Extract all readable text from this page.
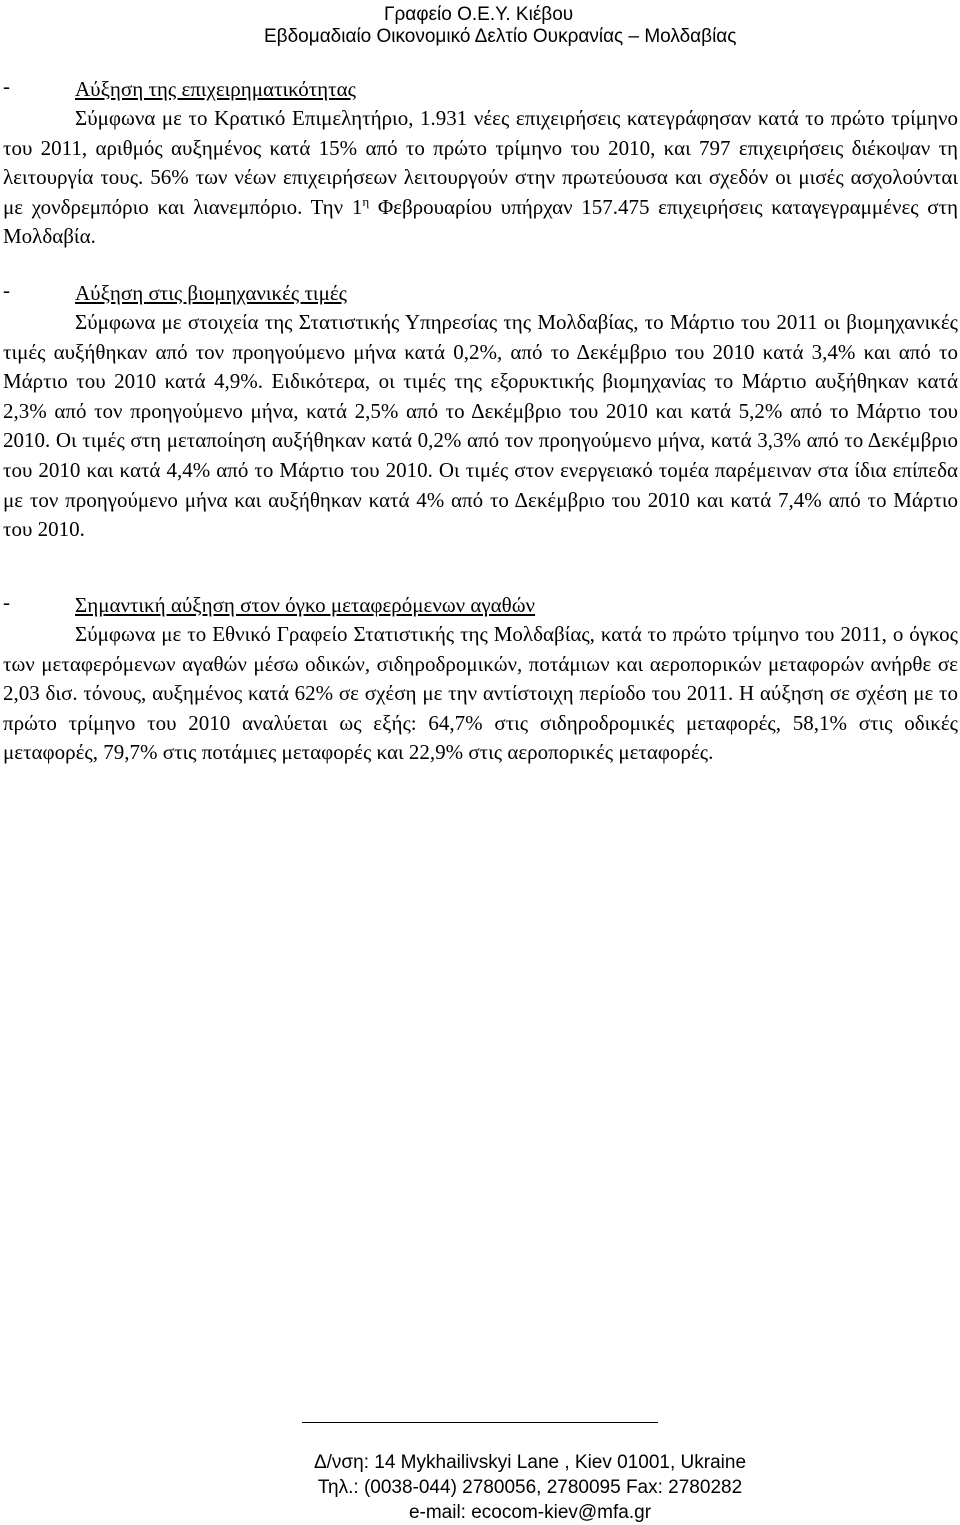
Γραφείο Ο.Ε.Υ. Κιέβου
Εβδομαδιαίο Οικονομικό Δελτίο Ουκρανίας – Μολδαβίας
-	Αύξηση της επιχειρηματικότητας

Σύμφωνα με το Κρατικό Επιμελητήριο, 1.931 νέες επιχειρήσεις κατεγράφησαν κατά το πρώτο τρίμηνο του 2011, αριθμός αυξημένος κατά 15% από το πρώτο τρίμηνο του 2010, και 797 επιχειρήσεις διέκοψαν τη λειτουργία τους. 56% των νέων επιχειρήσεων λειτουργούν στην πρωτεύουσα και σχεδόν οι μισές ασχολούνται με χονδρεμπόριο και λιανεμπόριο. Την $1^\eta$ Φεβρουαρίου υπήρχαν 157.475 επιχειρήσεις καταγεγραμμένες στη Μολδαβία.

-	Αύξηση στις βιομηχανικές τιμές

Σύμφωνα με στοιχεία της Στατιστικής Υπηρεσίας της Μολδαβίας, το Μάρτιο του 2011 οι βιομηχανικές τιμές αυξήθηκαν από τον προηγούμενο μήνα κατά 0,2%, από το Δεκέμβριο του 2010 κατά 3,4% και από το Μάρτιο του 2010 κατά 4,9%. Ειδικότερα, οι τιμές της εξορυκτικής βιομηχανίας το Μάρτιο αυξήθηκαν κατά 2,3% από τον προηγούμενο μήνα, κατά 2,5% από το Δεκέμβριο του 2010 και κατά 5,2% από το Μάρτιο του 2010. Οι τιμές στη μεταποίηση αυξήθηκαν κατά 0,2% από τον προηγούμενο μήνα, κατά 3,3% από το Δεκέμβριο του 2010 και κατά 4,4% από το Μάρτιο του 2010. Οι τιμές στον ενεργειακό τομέα παρέμειναν στα ίδια επίπεδα με τον προηγούμενο μήνα και αυξήθηκαν κατά 4% από το Δεκέμβριο του 2010 και κατά 7,4% από το Μάρτιο του 2010.

-	Σημαντική αύξηση στον όγκο μεταφερόμενων αγαθών

Σύμφωνα με το Εθνικό Γραφείο Στατιστικής της Μολδαβίας, κατά το πρώτο τρίμηνο του 2011, ο όγκος των μεταφερόμενων αγαθών μέσω οδικών, σιδηροδρομικών, ποτάμιων και αεροπορικών μεταφορών ανήρθε σε 2,03 δισ. τόνους, αυξημένος κατά 62% σε σχέση με την αντίστοιχη περίοδο του 2011. Η αύξηση σε σχέση με το πρώτο τρίμηνο του 2010 αναλύεται ως εξής: 64,7% στις σιδηροδρομικές μεταφορές, 58,1% στις οδικές μεταφορές, 79,7% στις ποτάμιες μεταφορές και 22,9% στις αεροπορικές μεταφορές.

Δ/νση: 14 Mykhailivskyi Lane , Kiev 01001, Ukraine
Τηλ.: (0038-044) 2780056, 2780095 Fax: 2780282
e-mail: ecocom-kiev@mfa.gr
